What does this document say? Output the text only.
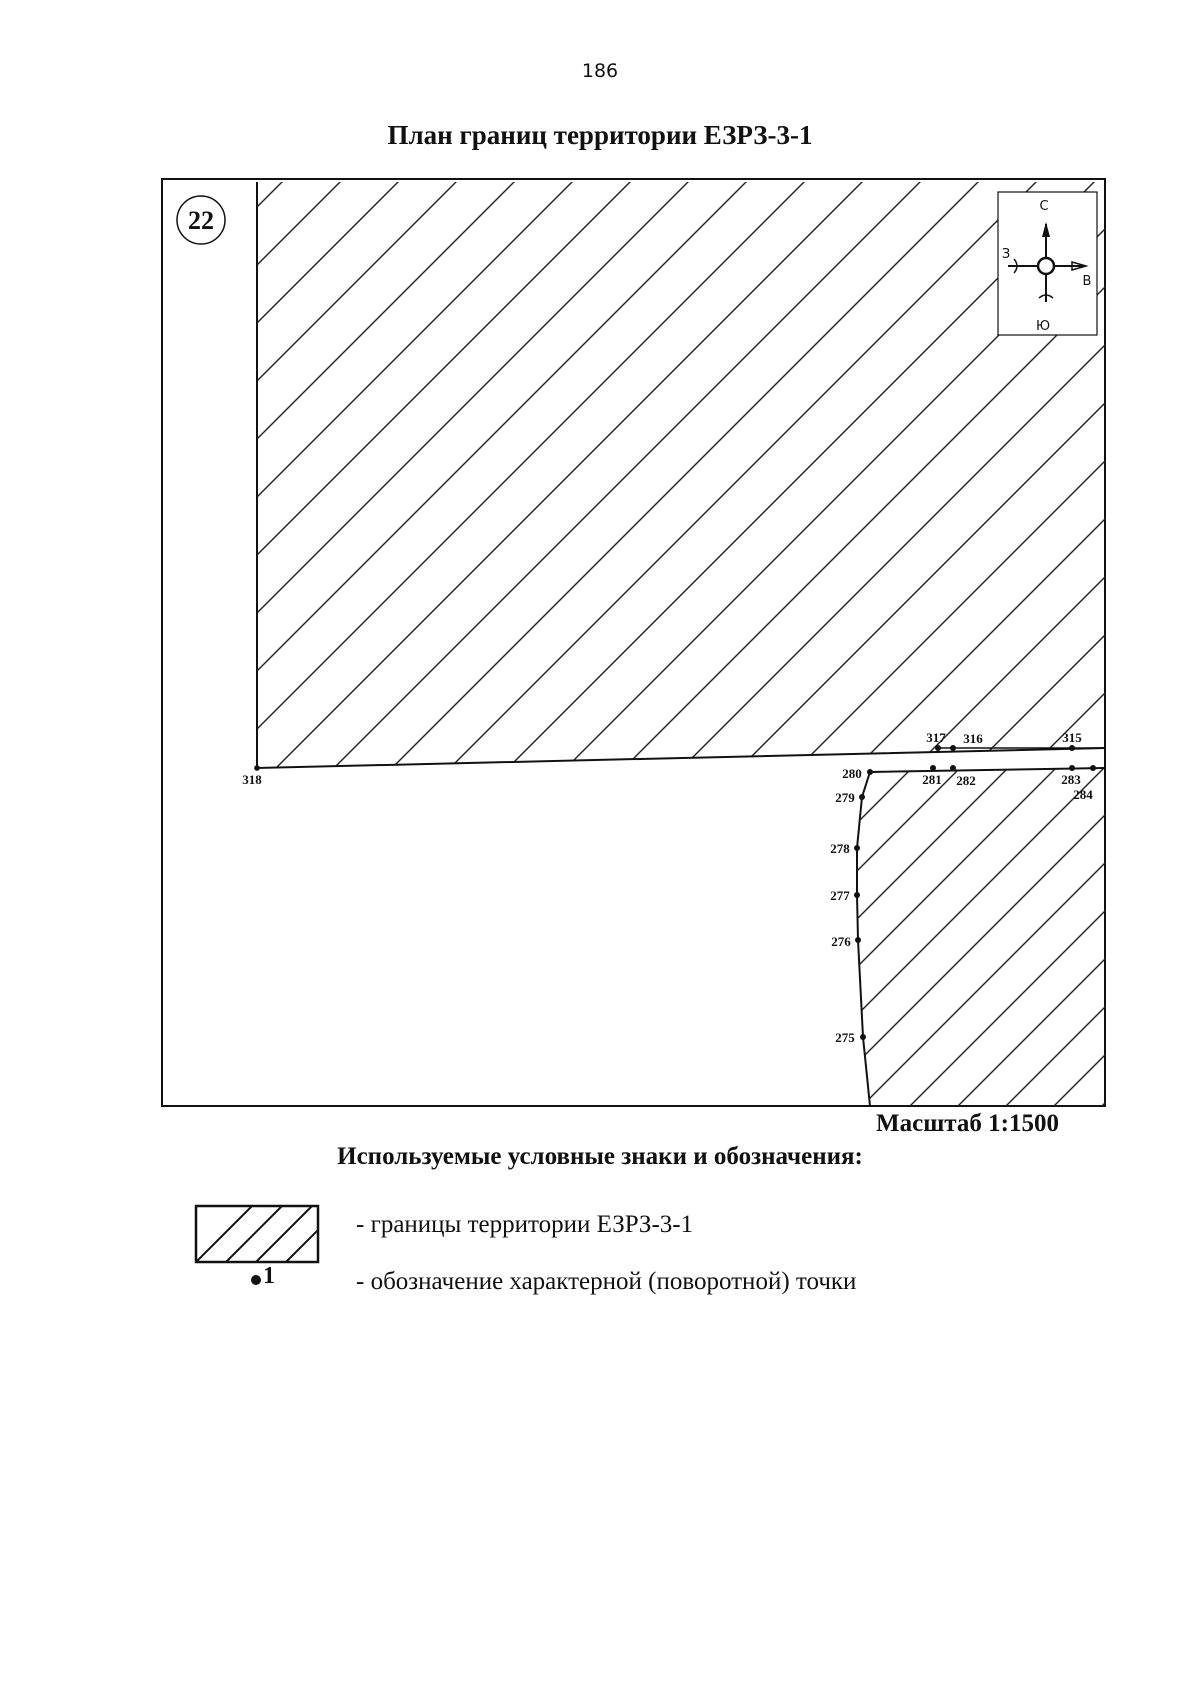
186
План границ территории ЕЗРЗ-3-1
22	С
Ю
В
З
318
317 316	315
280	281 282	283
284
279
278
277
276
275
Масштаб 1:1500
Используемые условные знаки и обозначения:
- границы территории ЕЗРЗ-3-1
1	- обозначение характерной (поворотной) точки
